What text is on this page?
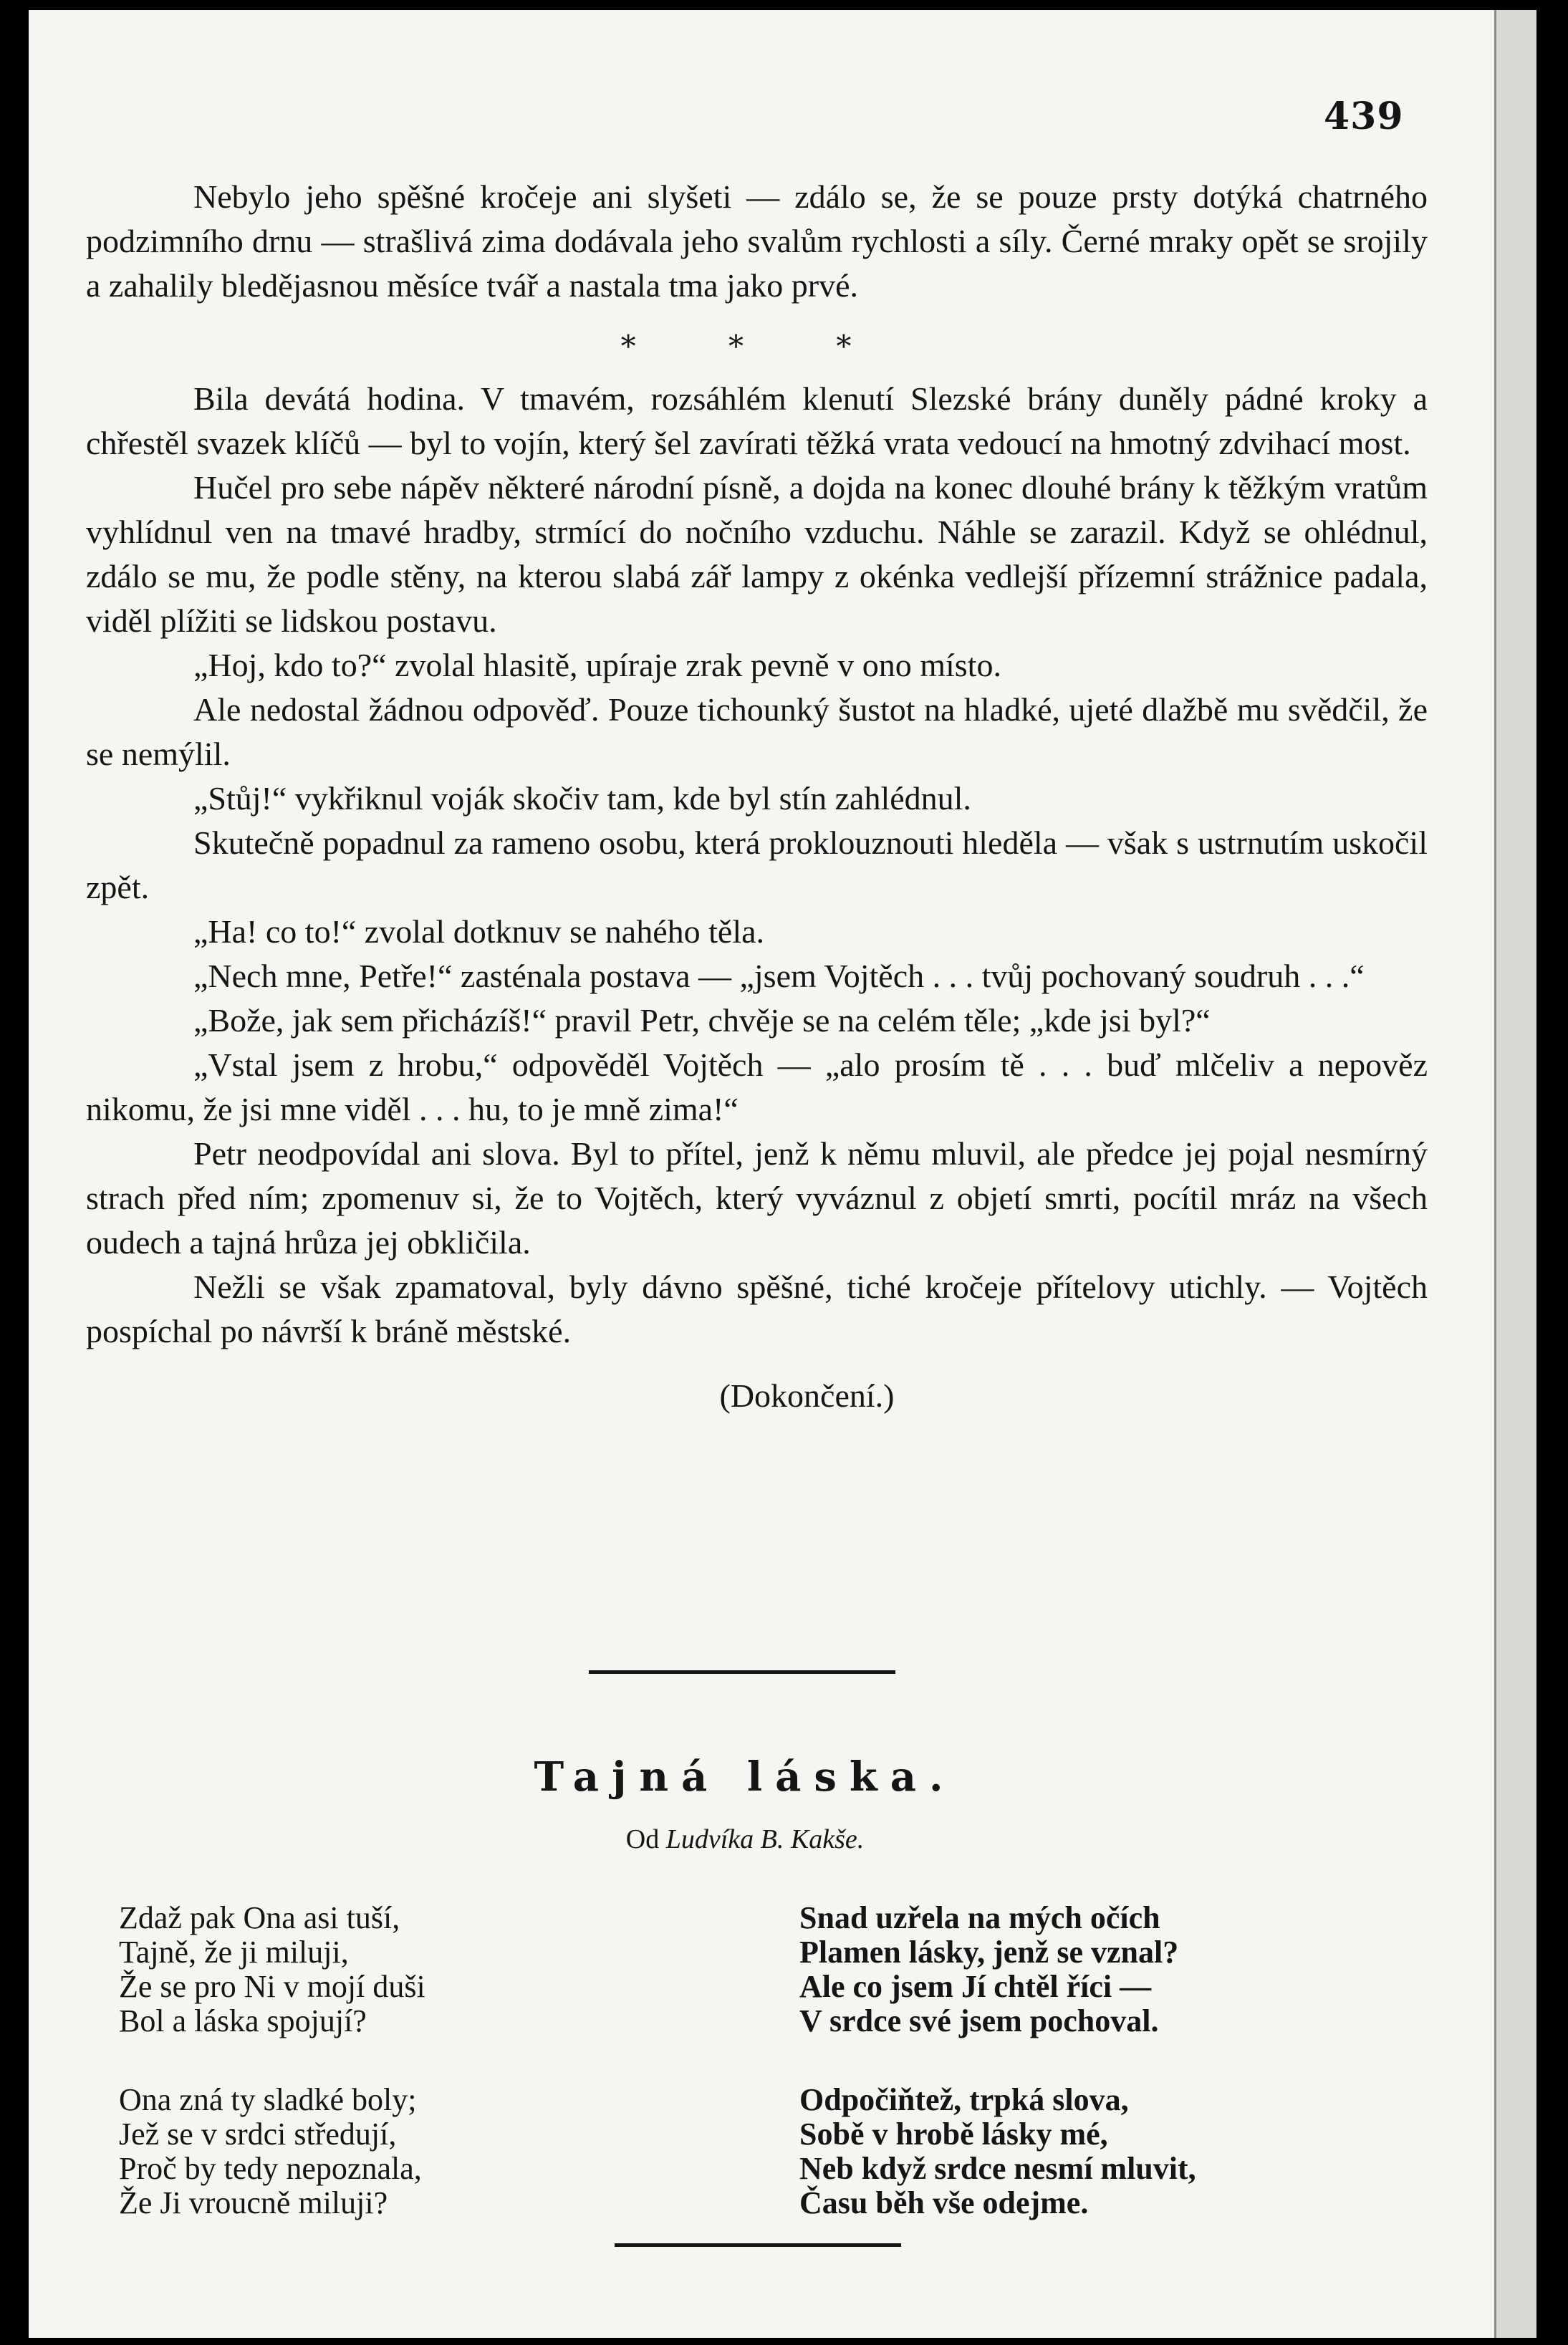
439

Nebylo jeho spěšné kročeje ani slyšeti — zdálo se, že se pouze prsty dotýká chatrného podzimního drnu — strašlivá zima dodávala jeho svalům rychlosti a síly. Černé mraky opět se srojily a zahalily bledějasnou měsíce tvář a nastala tma jako prvé.

* * *

Bila devátá hodina. V tmavém, rozsáhlém klenutí Slezské brány duněly pádné kroky a chřestěl svazek klíčů — byl to vojín, který šel zavírati těžká vrata vedoucí na hmotný zdvihací most.

Hučel pro sebe nápěv některé národní písně, a dojda na konec dlouhé brány k těžkým vratům vyhlídnul ven na tmavé hradby, strmící do nočního vzduchu. Náhle se zarazil. Když se ohlédnul, zdálo se mu, že podle stěny, na kterou slabá zář lampy z okénka vedlejší přízemní strážnice padala, viděl plížiti se lidskou postavu.

„Hoj, kdo to?“ zvolal hlasitě, upíraje zrak pevně v ono místo.

Ale nedostal žádnou odpověď. Pouze tichounký šustot na hladké, ujeté dlažbě mu svědčil, že se nemýlil.

„Stůj!“ vykřiknul voják skočiv tam, kde byl stín zahlédnul.

Skutečně popadnul za rameno osobu, která proklouznouti hleděla — však s ustrnutím uskočil zpět.

„Ha! co to!“ zvolal dotknuv se nahého těla.

„Nech mne, Petře!“ zasténala postava — „jsem Vojtěch . . . tvůj pochovaný soudruh . . .“

„Bože, jak sem přicházíš!“ pravil Petr, chvěje se na celém těle; „kde jsi byl?“

„Vstal jsem z hrobu,“ odpověděl Vojtěch — „alo prosím tě . . . buď mlčeliv a nepověz nikomu, že jsi mne viděl . . . hu, to je mně zima!“

Petr neodpovídal ani slova. Byl to přítel, jenž k němu mluvil, ale předce jej pojal nesmírný strach před ním; zpomenuv si, že to Vojtěch, který vyváznul z objetí smrti, pocítil mráz na všech oudech a tajná hrůza jej obkličila.

Nežli se však zpamatoval, byly dávno spěšné, tiché kročeje přítelovy utichly. — Vojtěch pospíchal po návrší k bráně městské.

(Dokončení.)
Tajná láska.
Od Ludvíka B. Kakše.
Zdaž pak Ona asi tuší,
Tajně, že ji miluji,
Že se pro Ni v mojí duši
Bol a láska spojují?
Ona zná ty sladké boly;
Jež se v srdci středují,
Proč by tedy nepoznala,
Že Ji vroucně miluji?
Snad uzřela na mých očích
Plamen lásky, jenž se vznal?
Ale co jsem Jí chtěl říci —
V srdce své jsem pochoval.
Odpočiňtež, trpká slova,
Sobě v hrobě lásky mé,
Neb když srdce nesmí mluvit,
Času běh vše odejme.
